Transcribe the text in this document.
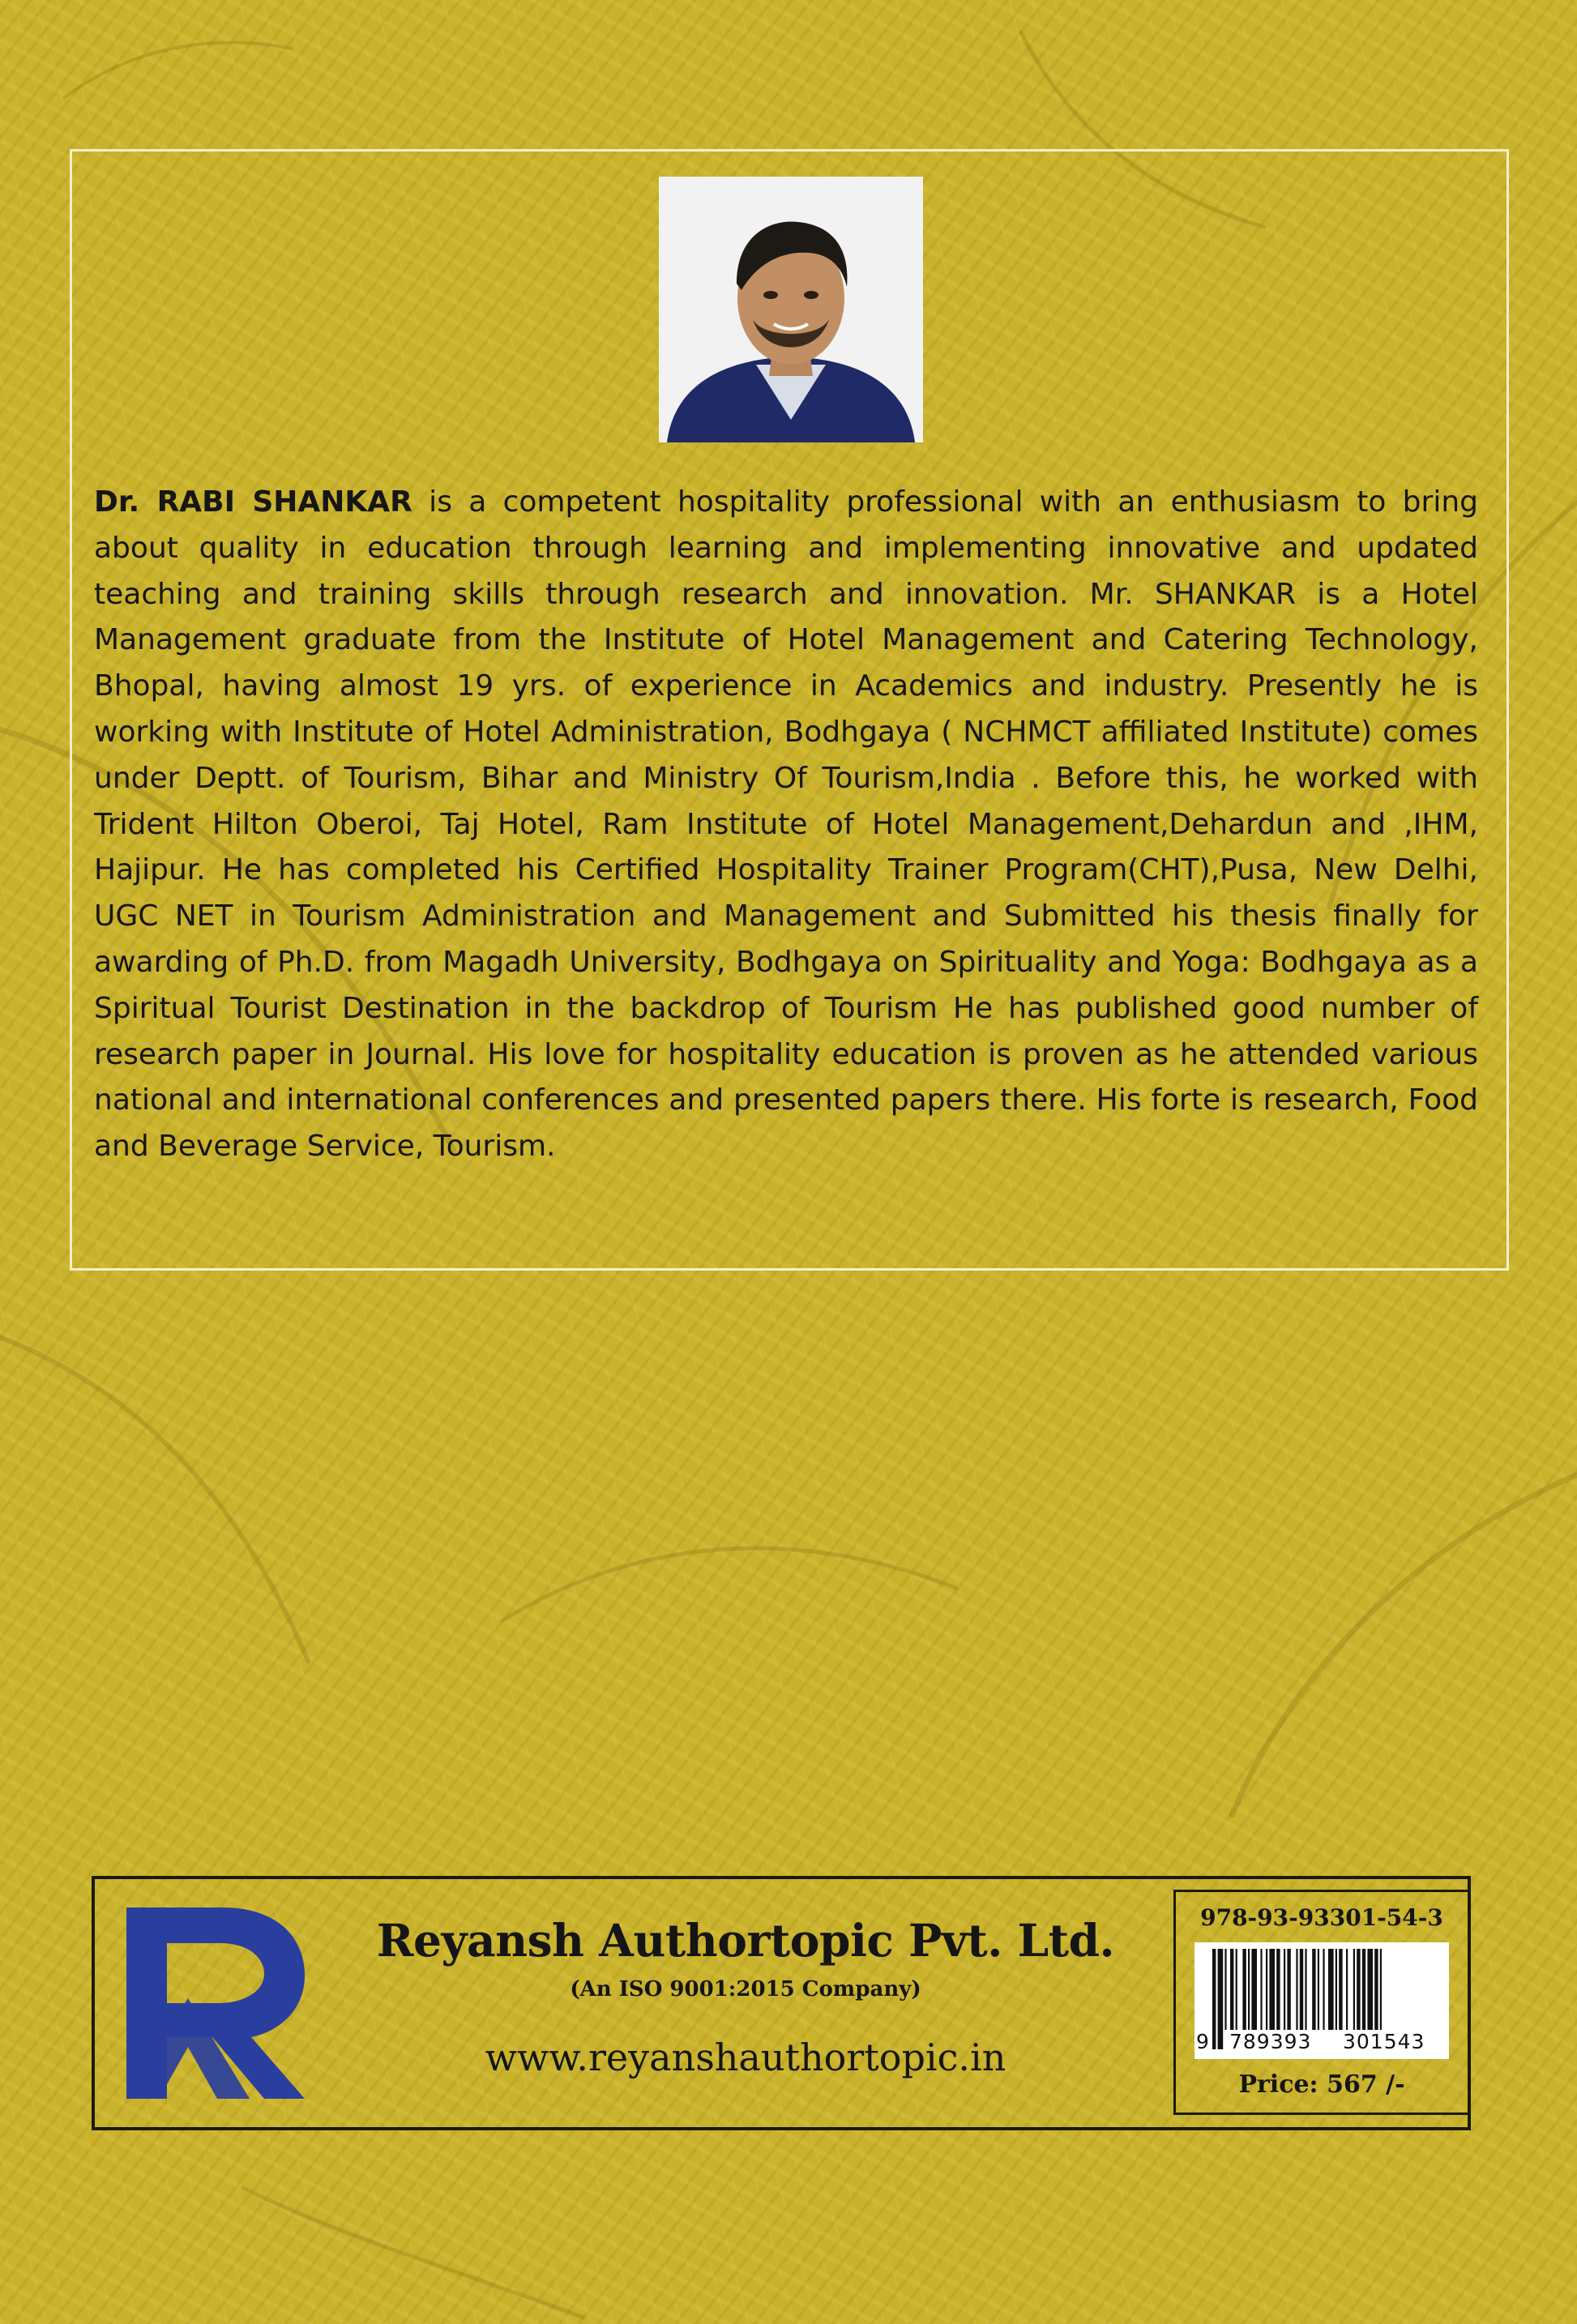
Dr. RABI SHANKAR is a competent hospitality professional with an enthusiasm to bring about quality in education through learning and implementing innovative and updated teaching and training skills through research and innovation. Mr. SHANKAR is a Hotel Management graduate from the Institute of Hotel Management and Catering Technology, Bhopal, having almost 19 yrs. of experience in Academics and industry. Presently he is working with Institute of Hotel Administration, Bodhgaya ( NCHMCT affiliated Institute) comes under Deptt. of Tourism, Bihar and Ministry Of Tourism,India . Before this, he worked with Trident Hilton Oberoi, Taj Hotel, Ram Institute of Hotel Management,Dehardun and ,IHM, Hajipur. He has completed his Certified Hospitality Trainer Program(CHT),Pusa, New Delhi, UGC NET in Tourism Administration and Management and Submitted his thesis finally for awarding of Ph.D. from Magadh University, Bodhgaya on Spirituality and Yoga: Bodhgaya as a Spiritual Tourist Destination in the backdrop of Tourism He has published good number of research paper in Journal. His love for hospitality education is proven as he attended various national and international conferences and presented papers there. His forte is research, Food and Beverage Service, Tourism.

Reyansh Authortopic Pvt. Ltd.
(An ISO 9001:2015 Company)
www.reyanshauthortopic.in
978-93-93301-54-3
9 789393 301543
Price: 567 /-
